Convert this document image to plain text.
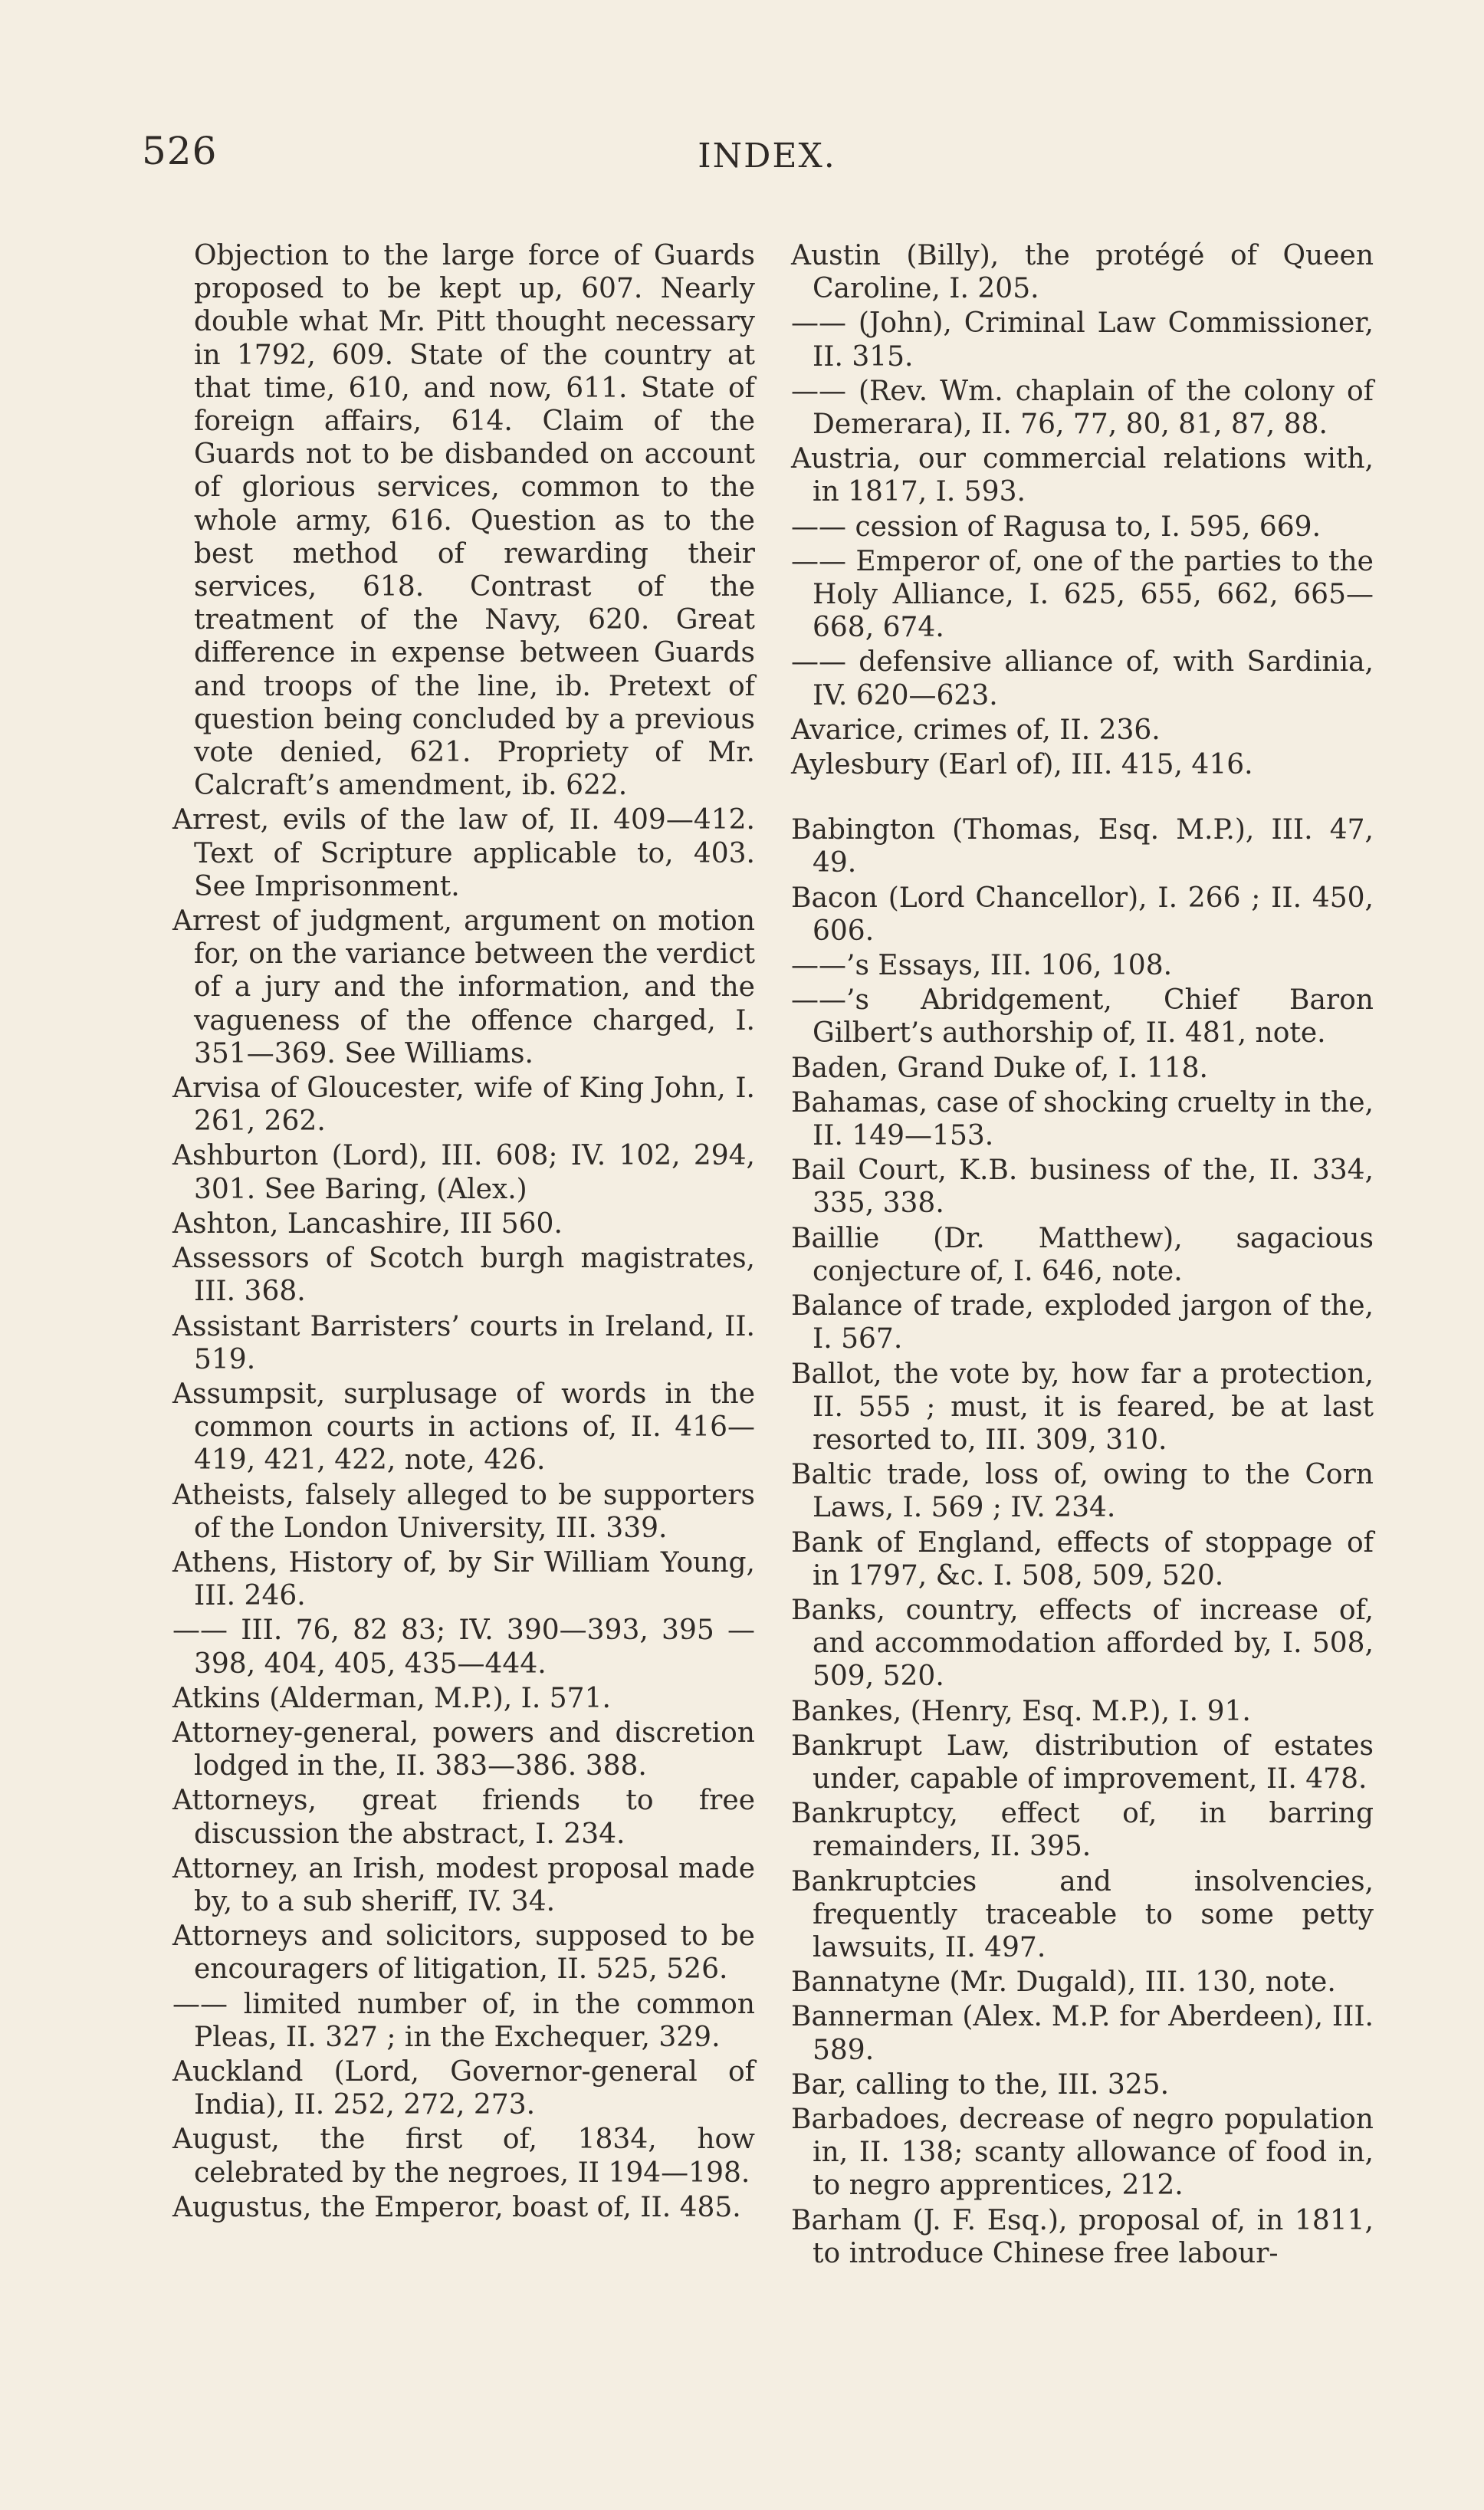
526	INDEX.

Objection to the large force of Guards proposed to be kept up, 607. Nearly double what Mr. Pitt thought necessary in 1792, 609. State of the country at that time, 610, and now, 611. State of foreign affairs, 614. Claim of the Guards not to be disbanded on account of glorious services, common to the whole army, 616. Question as to the best method of rewarding their services, 618. Contrast of the treatment of the Navy, 620. Great difference in expense between Guards and troops of the line, ib. Pretext of question being concluded by a previous vote denied, 621. Propriety of Mr. Calcraft’s amendment, ib. 622.

Arrest, evils of the law of, II. 409—412. Text of Scripture applicable to, 403. See Imprisonment.

Arrest of judgment, argument on motion for, on the variance between the verdict of a jury and the information, and the vagueness of the offence charged, I. 351—369. See Williams.

Arvisa of Gloucester, wife of King John, I. 261, 262.

Ashburton (Lord), III. 608; IV. 102, 294, 301. See Baring, (Alex.)

Ashton, Lancashire, III 560.

Assessors of Scotch burgh magistrates, III. 368.

Assistant Barristers’ courts in Ireland, II. 519.

Assumpsit, surplusage of words in the common courts in actions of, II. 416—419, 421, 422, note, 426.

Atheists, falsely alleged to be supporters of the London University, III. 339.

Athens, History of, by Sir William Young, III. 246.

—— III. 76, 82 83; IV. 390—393, 395 —398, 404, 405, 435—444.

Atkins (Alderman, M.P.), I. 571.

Attorney-general, powers and discretion lodged in the, II. 383—386. 388.

Attorneys, great friends to free discussion the abstract, I. 234.

Attorney, an Irish, modest proposal made by, to a sub sheriff, IV. 34.

Attorneys and solicitors, supposed to be encouragers of litigation, II. 525, 526.

—— limited number of, in the common Pleas, II. 327 ; in the Exchequer, 329.

Auckland (Lord, Governor-general of India), II. 252, 272, 273.

August, the first of, 1834, how celebrated by the negroes, II 194—198.

Augustus, the Emperor, boast of, II. 485.

Austin (Billy), the protégé of Queen Caroline, I. 205.

—— (John), Criminal Law Commissioner, II. 315.

—— (Rev. Wm. chaplain of the colony of Demerara), II. 76, 77, 80, 81, 87, 88.

Austria, our commercial relations with, in 1817, I. 593.

—— cession of Ragusa to, I. 595, 669.

—— Emperor of, one of the parties to the Holy Alliance, I. 625, 655, 662, 665—668, 674.

—— defensive alliance of, with Sardinia, IV. 620—623.

Avarice, crimes of, II. 236.

Aylesbury (Earl of), III. 415, 416.

Babington (Thomas, Esq. M.P.), III. 47, 49.

Bacon (Lord Chancellor), I. 266 ; II. 450, 606.

——’s Essays, III. 106, 108.

——’s Abridgement, Chief Baron Gilbert’s authorship of, II. 481, note.

Baden, Grand Duke of, I. 118.

Bahamas, case of shocking cruelty in the, II. 149—153.

Bail Court, K.B. business of the, II. 334, 335, 338.

Baillie (Dr. Matthew), sagacious conjecture of, I. 646, note.

Balance of trade, exploded jargon of the, I. 567.

Ballot, the vote by, how far a protection, II. 555 ; must, it is feared, be at last resorted to, III. 309, 310.

Baltic trade, loss of, owing to the Corn Laws, I. 569 ; IV. 234.

Bank of England, effects of stoppage of in 1797, &c. I. 508, 509, 520.

Banks, country, effects of increase of, and accommodation afforded by, I. 508, 509, 520.

Bankes, (Henry, Esq. M.P.), I. 91.

Bankrupt Law, distribution of estates under, capable of improvement, II. 478.

Bankruptcy, effect of, in barring remainders, II. 395.

Bankruptcies and insolvencies, frequently traceable to some petty lawsuits, II. 497.

Bannatyne (Mr. Dugald), III. 130, note.

Bannerman (Alex. M.P. for Aberdeen), III. 589.

Bar, calling to the, III. 325.

Barbadoes, decrease of negro population in, II. 138; scanty allowance of food in, to negro apprentices, 212.

Barham (J. F. Esq.), proposal of, in 1811, to introduce Chinese free labour-
